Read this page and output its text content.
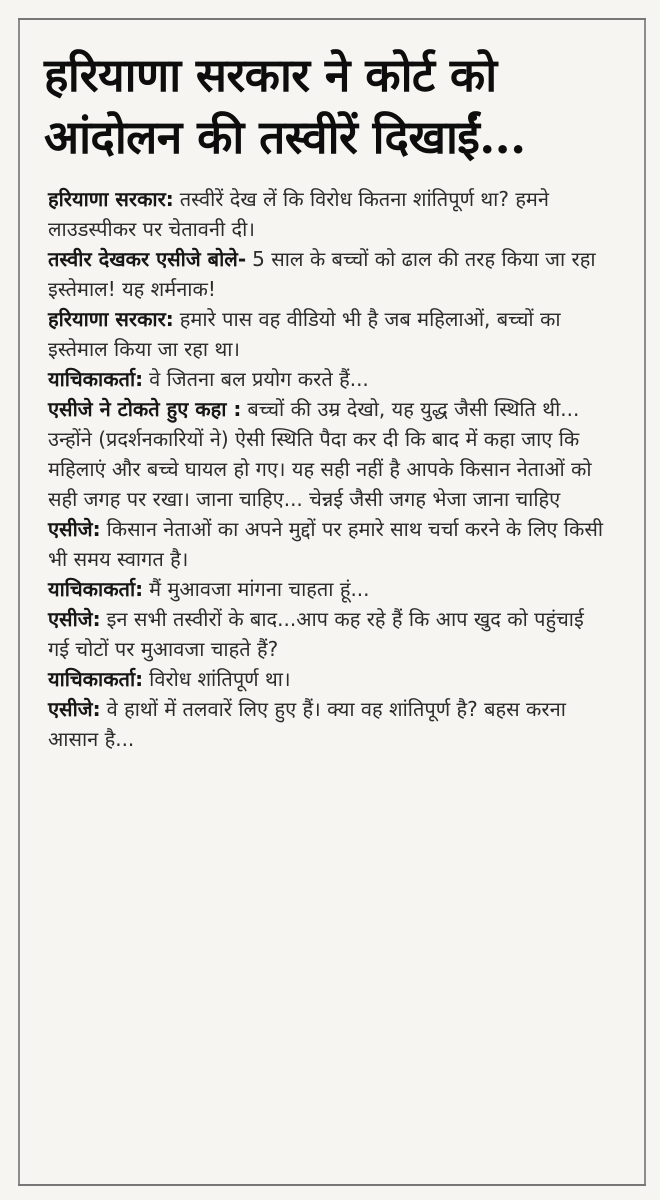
हरियाणा सरकार ने कोर्ट को
आंदोलन की तस्वीरें दिखाईं...

हरियाणा सरकार: तस्वीरें देख लें कि विरोध कितना शांतिपूर्ण था? हमने लाउडस्पीकर पर चेतावनी दी।

तस्वीर देखकर एसीजे बोले- 5 साल के बच्चों को ढाल की तरह किया जा रहा इस्तेमाल! यह शर्मनाक!

हरियाणा सरकार: हमारे पास वह वीडियो भी है जब महिलाओं, बच्चों का इस्तेमाल किया जा रहा था।

याचिकाकर्ता: वे जितना बल प्रयोग करते हैं...

एसीजे ने टोकते हुए कहा : बच्चों की उम्र देखो, यह युद्ध जैसी स्थिति थी... उन्होंने (प्रदर्शनकारियों ने) ऐसी स्थिति पैदा कर दी कि बाद में कहा जाए कि महिलाएं और बच्चे घायल हो गए। यह सही नहीं है आपके किसान नेताओं को सही जगह पर रखा। जाना चाहिए... चेन्नई जैसी जगह भेजा जाना चाहिए

एसीजे: किसान नेताओं का अपने मुद्दों पर हमारे साथ चर्चा करने के लिए किसी भी समय स्वागत है।

याचिकाकर्ता: मैं मुआवजा मांगना चाहता हूं...

एसीजे: इन सभी तस्वीरों के बाद...आप कह रहे हैं कि आप खुद को पहुंचाई गई चोटों पर मुआवजा चाहते हैं?

याचिकाकर्ता: विरोध शांतिपूर्ण था।

एसीजे: वे हाथों में तलवारें लिए हुए हैं। क्या वह शांतिपूर्ण है? बहस करना आसान है...
